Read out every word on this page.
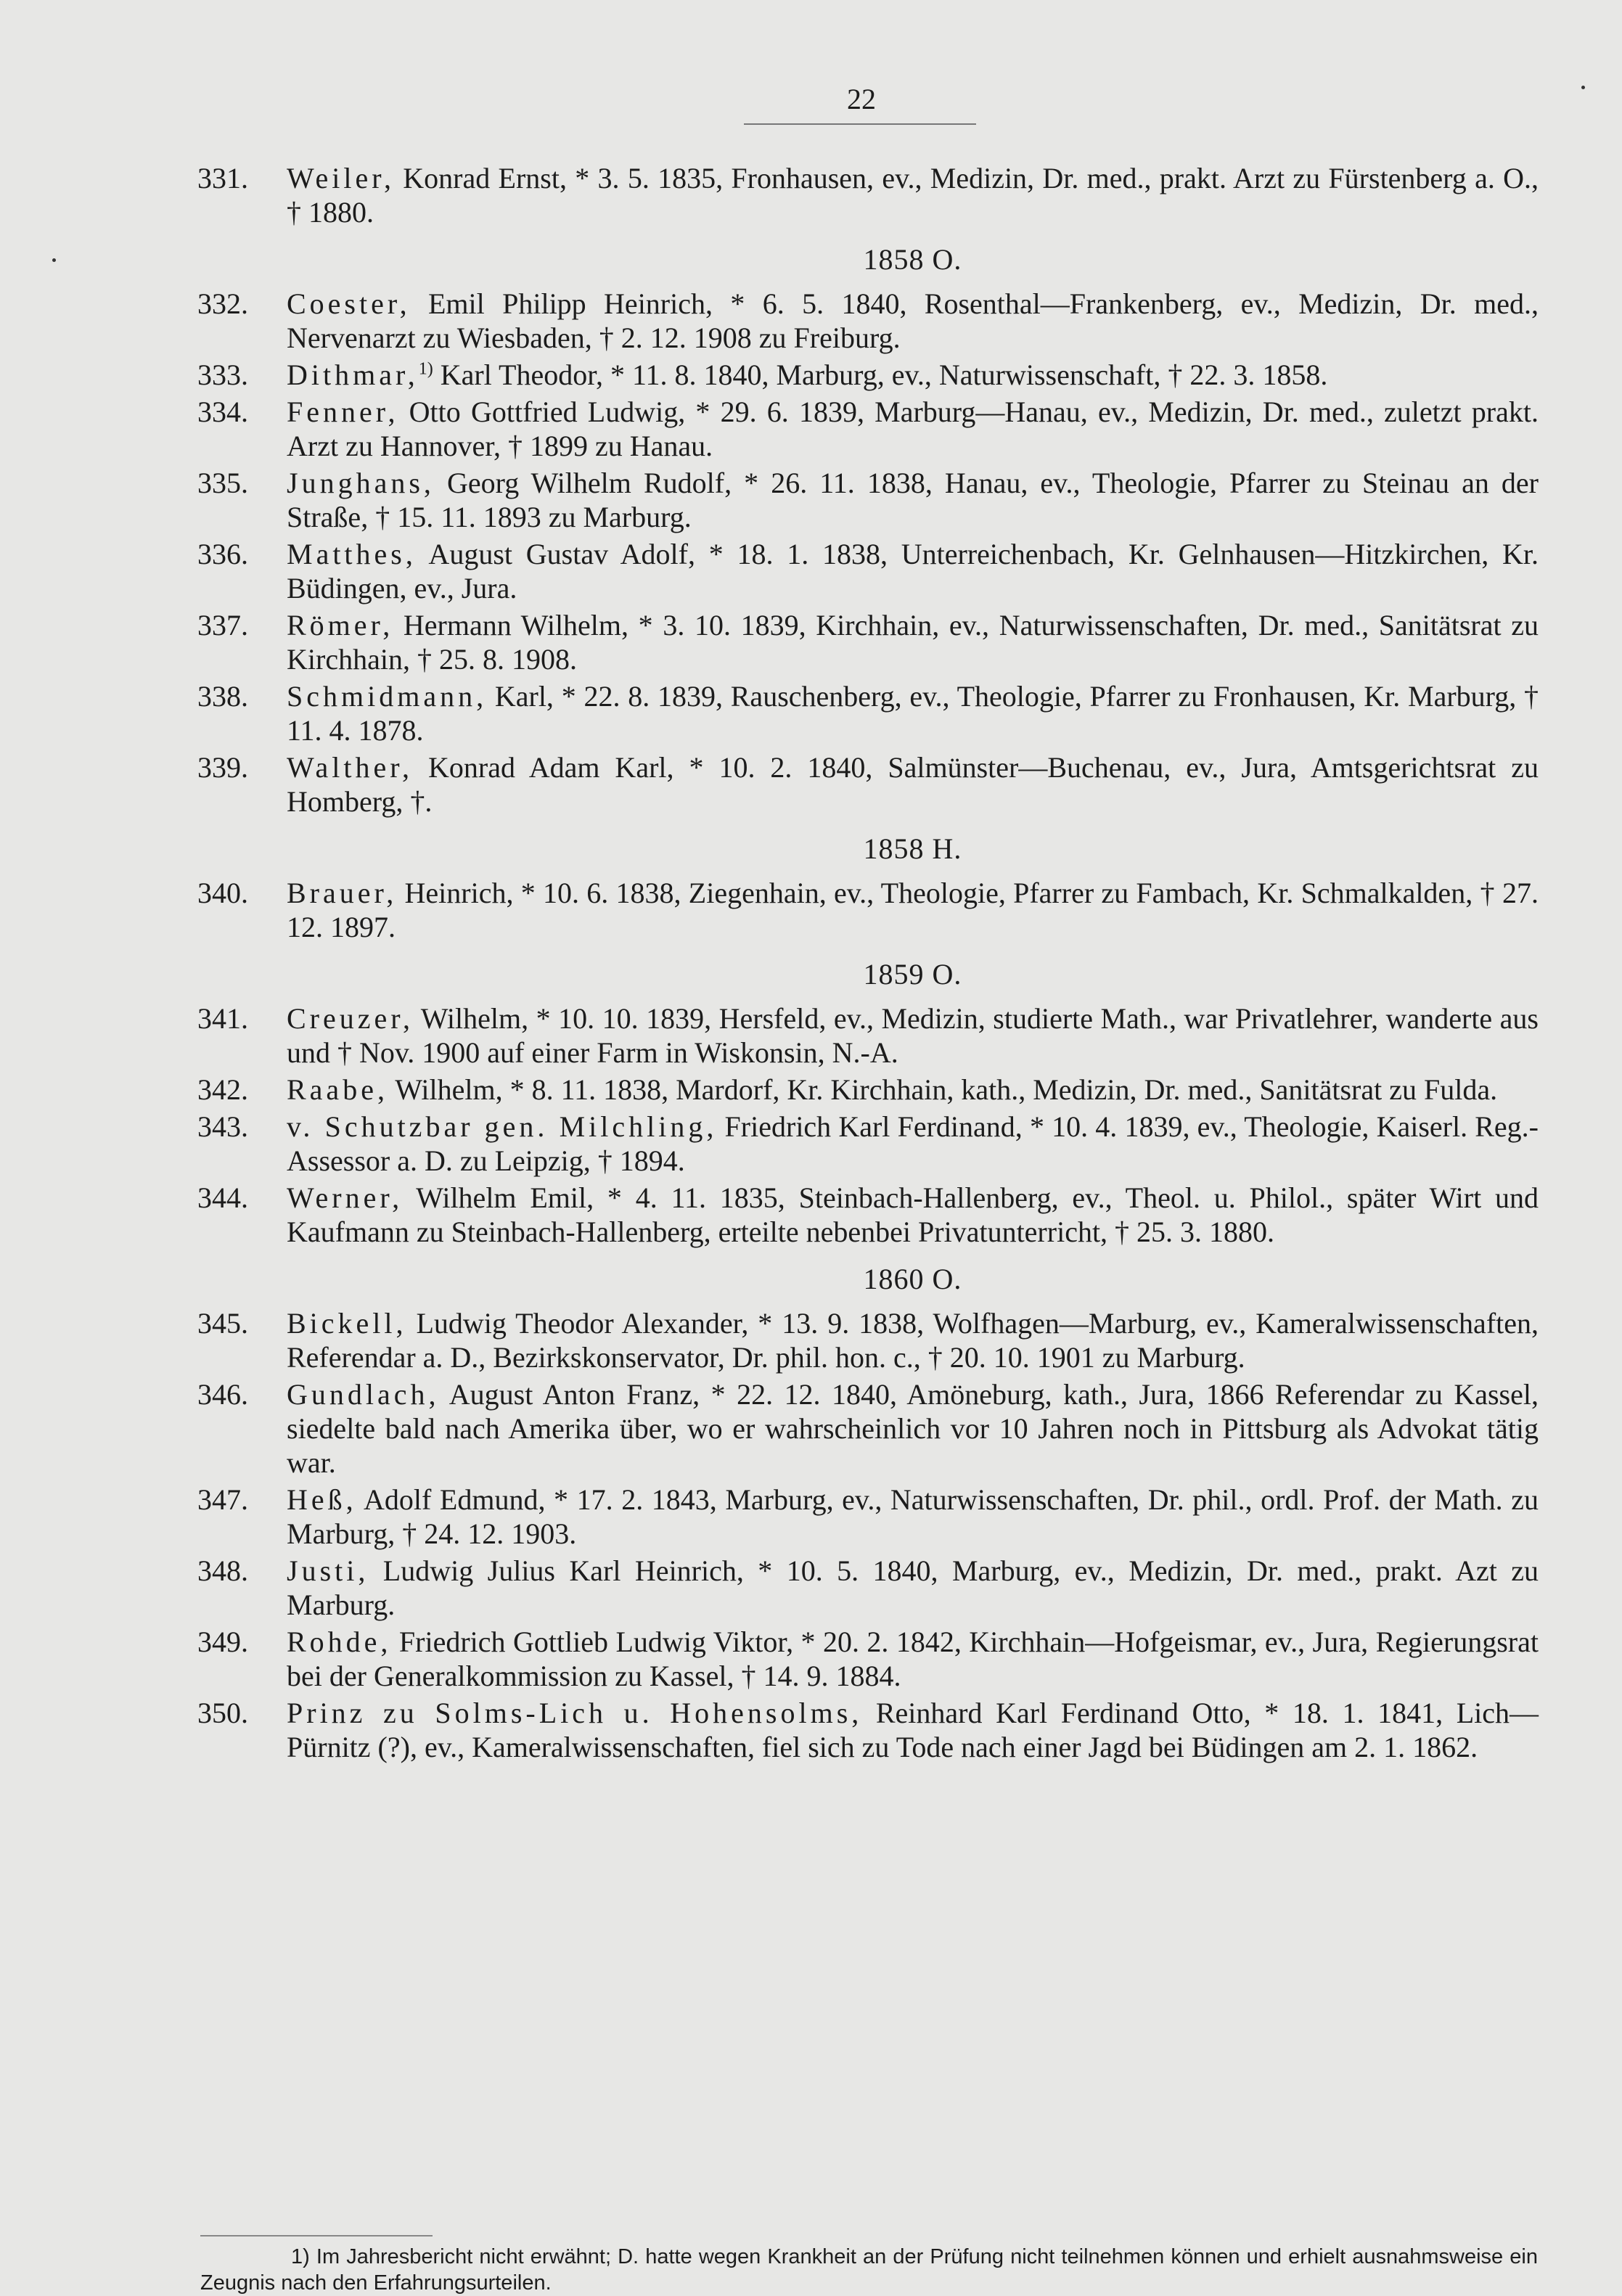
22
331.	Weiler, Konrad Ernst, * 3. 5. 1835, Fronhausen, ev., Medizin, Dr. med., prakt. Arzt zu Fürstenberg a. O., † 1880.
1858 O.
332.	Coester, Emil Philipp Heinrich, * 6. 5. 1840, Rosenthal—Frankenberg, ev., Medizin, Dr. med., Nervenarzt zu Wiesbaden, † 2. 12. 1908 zu Freiburg.
333.	Dithmar,$^{1)}$ Karl Theodor, * 11. 8. 1840, Marburg, ev., Naturwissenschaft, † 22. 3. 1858.
334.	Fenner, Otto Gottfried Ludwig, * 29. 6. 1839, Marburg—Hanau, ev., Medizin, Dr. med., zuletzt prakt. Arzt zu Hannover, † 1899 zu Hanau.
335.	Junghans, Georg Wilhelm Rudolf, * 26. 11. 1838, Hanau, ev., Theologie, Pfarrer zu Steinau an der Straße, † 15. 11. 1893 zu Marburg.
336.	Matthes, August Gustav Adolf, * 18. 1. 1838, Unterreichenbach, Kr. Gelnhausen—Hitzkirchen, Kr. Büdingen, ev., Jura.
337.	Römer, Hermann Wilhelm, * 3. 10. 1839, Kirchhain, ev., Naturwissenschaften, Dr. med., Sanitätsrat zu Kirchhain, † 25. 8. 1908.
338.	Schmidmann, Karl, * 22. 8. 1839, Rauschenberg, ev., Theologie, Pfarrer zu Fronhausen, Kr. Marburg, † 11. 4. 1878.
339.	Walther, Konrad Adam Karl, * 10. 2. 1840, Salmünster—Buchenau, ev., Jura, Amtsgerichtsrat zu Homberg, †.
1858 H.
340.	Brauer, Heinrich, * 10. 6. 1838, Ziegenhain, ev., Theologie, Pfarrer zu Fambach, Kr. Schmalkalden, † 27. 12. 1897.
1859 O.
341.	Creuzer, Wilhelm, * 10. 10. 1839, Hersfeld, ev., Medizin, studierte Math., war Privatlehrer, wanderte aus und † Nov. 1900 auf einer Farm in Wiskonsin, N.-A.
342.	Raabe, Wilhelm, * 8. 11. 1838, Mardorf, Kr. Kirchhain, kath., Medizin, Dr. med., Sanitätsrat zu Fulda.
343.	v. Schutzbar gen. Milchling, Friedrich Karl Ferdinand, * 10. 4. 1839, ev., Theologie, Kaiserl. Reg.-Assessor a. D. zu Leipzig, † 1894.
344.	Werner, Wilhelm Emil, * 4. 11. 1835, Steinbach-Hallenberg, ev., Theol. u. Philol., später Wirt und Kaufmann zu Steinbach-Hallenberg, erteilte nebenbei Privatunterricht, † 25. 3. 1880.
1860 O.
345.	Bickell, Ludwig Theodor Alexander, * 13. 9. 1838, Wolfhagen—Marburg, ev., Kameralwissenschaften, Referendar a. D., Bezirkskonservator, Dr. phil. hon. c., † 20. 10. 1901 zu Marburg.
346.	Gundlach, August Anton Franz, * 22. 12. 1840, Amöneburg, kath., Jura, 1866 Referendar zu Kassel, siedelte bald nach Amerika über, wo er wahrscheinlich vor 10 Jahren noch in Pittsburg als Advokat tätig war.
347.	Heß, Adolf Edmund, * 17. 2. 1843, Marburg, ev., Naturwissenschaften, Dr. phil., ordl. Prof. der Math. zu Marburg, † 24. 12. 1903.
348.	Justi, Ludwig Julius Karl Heinrich, * 10. 5. 1840, Marburg, ev., Medizin, Dr. med., prakt. Azt zu Marburg.
349.	Rohde, Friedrich Gottlieb Ludwig Viktor, * 20. 2. 1842, Kirchhain—Hofgeismar, ev., Jura, Regierungsrat bei der Generalkommission zu Kassel, † 14. 9. 1884.
350.	Prinz zu Solms-Lich u. Hohensolms, Reinhard Karl Ferdinand Otto, * 18. 1. 1841, Lich—Pürnitz (?), ev., Kameralwissenschaften, fiel sich zu Tode nach einer Jagd bei Büdingen am 2. 1. 1862.

1) Im Jahresbericht nicht erwähnt; D. hatte wegen Krankheit an der Prüfung nicht teilnehmen können und erhielt ausnahmsweise ein Zeugnis nach den Erfahrungsurteilen.
